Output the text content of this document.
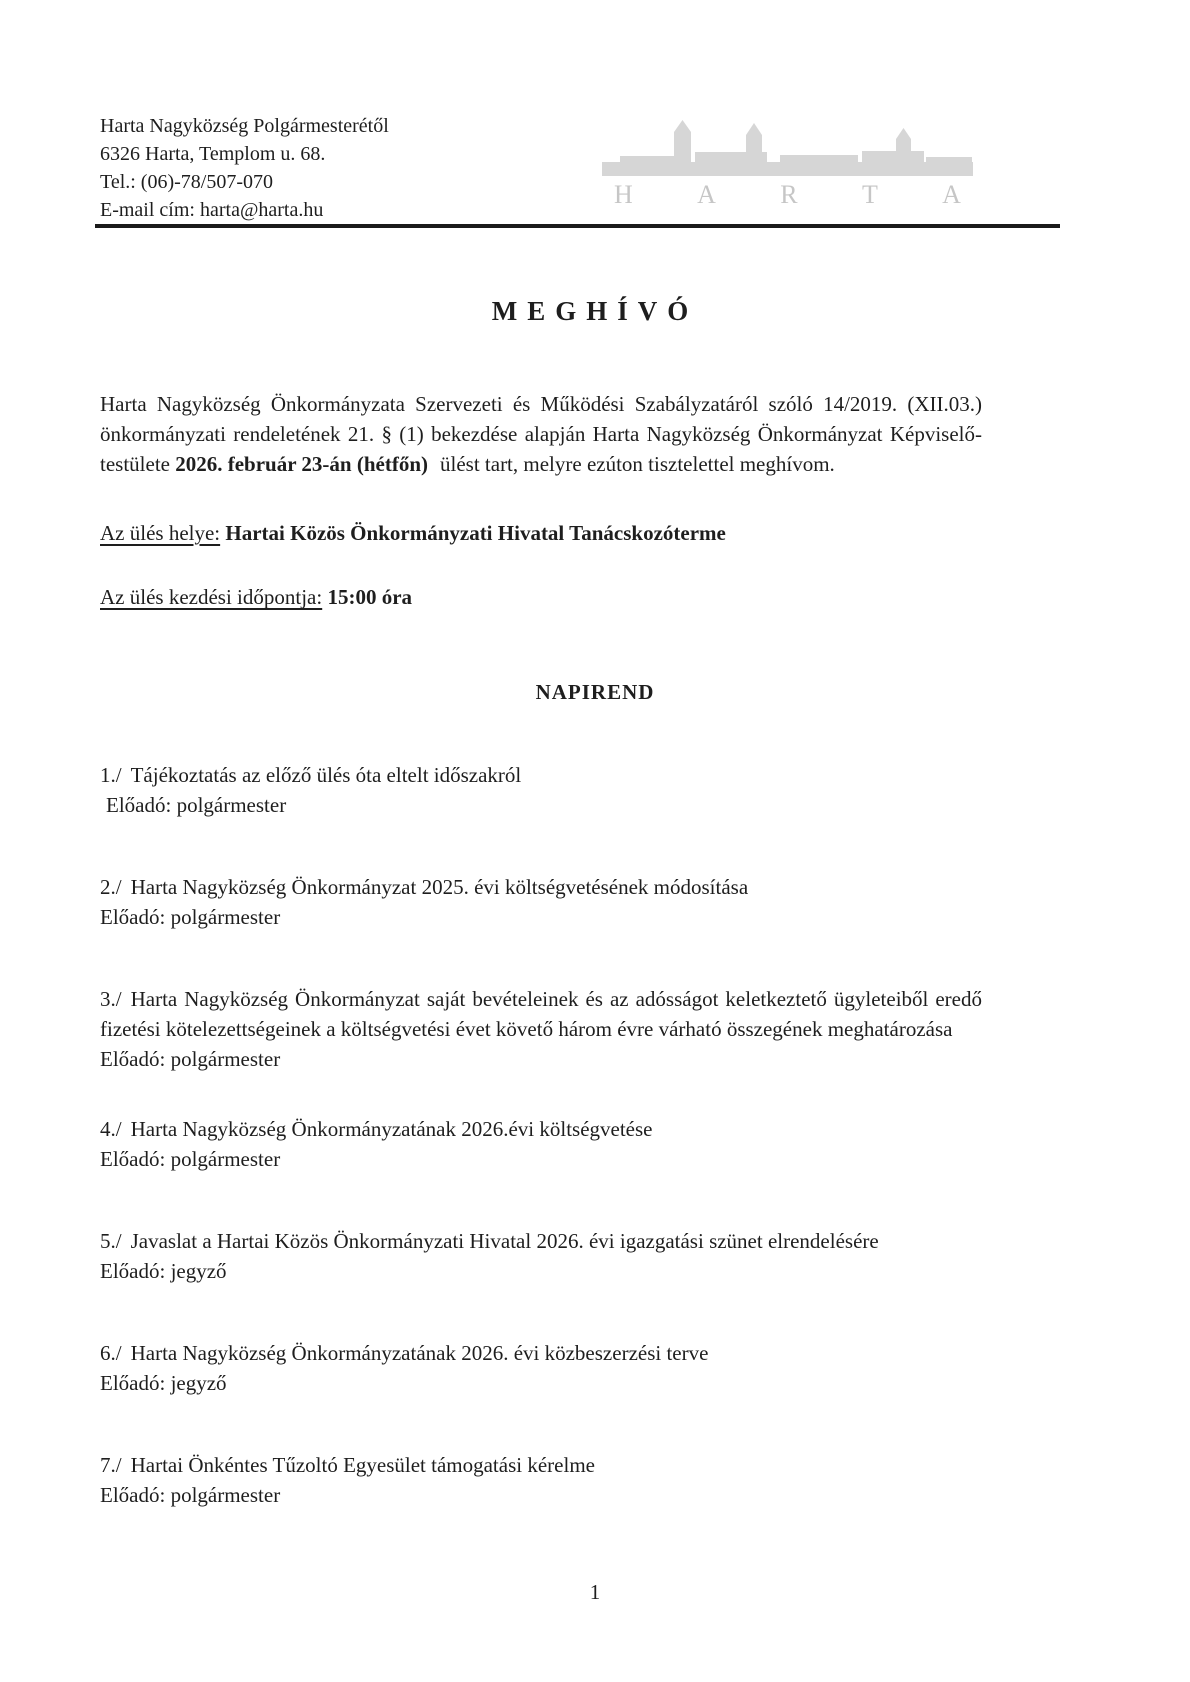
Harta Nagyközség Polgármesterétől
6326 Harta, Templom u. 68.
Tel.: (06)-78/507-070
E-mail cím: harta@harta.hu
H A R T A
MEGHÍVÓ

Harta Nagyközség Önkormányzata Szervezeti és Működési Szabályzatáról szóló 14/2019. (XII.03.) önkormányzati rendeletének 21. § (1) bekezdése alapján Harta Nagyközség Önkormányzat Képviselő-testülete 2026. február 23-án (hétfőn) ülést tart, melyre ezúton tisztelettel meghívom.

Az ülés helye: Hartai Közös Önkormányzati Hivatal Tanácskozóterme
Az ülés kezdési időpontja: 15:00 óra
NAPIREND

1./ Tájékoztatás az előző ülés óta eltelt időszakról

Előadó: polgármester

2./ Harta Nagyközség Önkormányzat 2025. évi költségvetésének módosítása

Előadó: polgármester

3./ Harta Nagyközség Önkormányzat saját bevételeinek és az adósságot keletkeztető ügyleteiből eredő fizetési kötelezettségeinek a költségvetési évet követő három évre várható összegének meghatározása

Előadó: polgármester

4./ Harta Nagyközség Önkormányzatának 2026.évi költségvetése

Előadó: polgármester

5./ Javaslat a Hartai Közös Önkormányzati Hivatal 2026. évi igazgatási szünet elrendelésére

Előadó: jegyző

6./ Harta Nagyközség Önkormányzatának 2026. évi közbeszerzési terve

Előadó: jegyző

7./ Hartai Önkéntes Tűzoltó Egyesület támogatási kérelme

Előadó: polgármester
1
